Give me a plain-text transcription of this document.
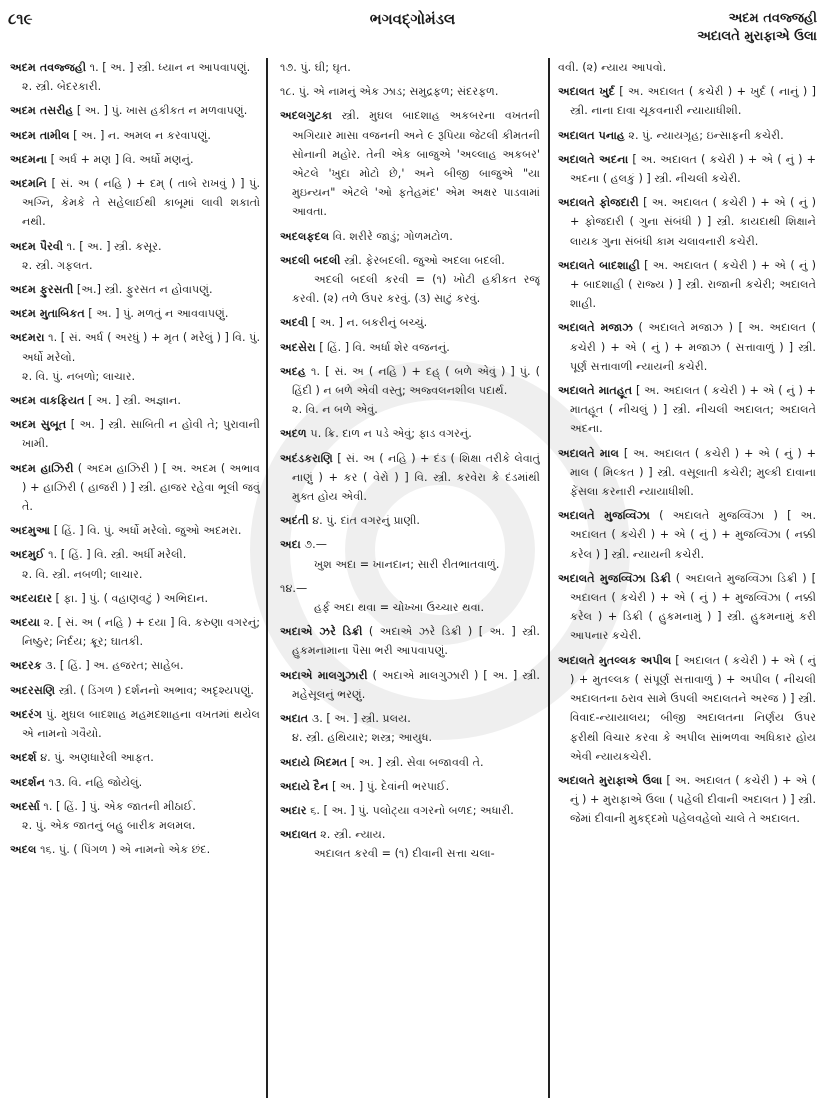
૮૧૯	ભગવદ્ગોમંડલ	અદમ તવજ્જહી
અદાલતે મુરાફાએ ઉલા
અદમ તવજ્જહી ૧. [ અ. ] સ્ત્રી. ધ્યાન ન આપવાપણું.
૨. સ્ત્રી. બેદરકારી.
અદમ તસરીહ [ અ. ] પું. ખાસ હકીકત ન મળવાપણું.
અદમ તામીલ [ અ. ] ન. અમલ ન કરવાપણું.
અદમના [ અર્ધ + મણ ] વિ. અર્ધો મણનું.
અદમનિ [ સં. અ ( નહિ ) + દમ્ ( તાબે રાખવું ) ] પું. અગ્નિ, કેમકે તે સહેલાઈથી કાબૂમાં લાવી શકાતો નથી.
અદમ પૈરવી ૧. [ અ. ] સ્ત્રી. કસૂર.
૨. સ્ત્રી. ગફલત.
અદમ ફુરસતી [અ.] સ્ત્રી. ફુરસત ન હોવાપણું.
અદમ મુતાબિકત [ અ. ] પું. મળતું ન આવવાપણું.
અદમરા ૧. [ સં. અર્ધ ( અરધું ) + મૃત ( મરેલું ) ] વિ. પું. અર્ધો મરેલો.
૨. વિ. પું. નબળો; લાચાર.
અદમ વાકફિયત [ અ. ] સ્ત્રી. અજ્ઞાન.
અદમ સુબૂત [ અ. ] સ્ત્રી. સાબિતી ન હોવી તે; પુરાવાની ખામી.
અદમ હાઝિરી ( અદમ હાઝિરી ) [ અ. અદમ ( અભાવ ) + હાઝિરી ( હાજરી ) ] સ્ત્રી. હાજર રહેવા ભૂલી જવું તે.
અદમુઆ [ હિં. ] વિ. પું. અર્ધો મરેલો. જુઓ અદમરા.
અદમુઈ ૧. [ હિં. ] વિ. સ્ત્રી. અર્ધી મરેલી.
૨. વિ. સ્ત્રી. નબળી; લાચાર.
અદયદાર [ ફા. ] પું. ( વહાણવટું ) અભિદાન.
અદયા ૨. [ સં. અ ( નહિ ) + દયા ] વિ. કરુણા વગરનું; નિષ્ઠુર; નિર્દય; ક્રૂર; ઘાતકી.
અદરક ૩. [ હિં. ] અ. હજરત; સાહેબ.
અદરસણિ સ્ત્રી. ( ડિંગળ ) દર્શનનો અભાવ; અદૃશ્યપણું.
અદરંગ પું. મુઘલ બાદશાહ મહમદશાહના વખતમાં થયેલ એ નામનો ગવૈયો.
અદર્શ ૪. પું. અણધારેલી આફત.
અદર્શન ૧૩. વિ. નહિ જોયેલું.
અદર્સા ૧. [ હિં. ] પું. એક જાતની મીઠાઈ.
૨. પું. એક જાતનું બહુ બારીક મલમલ.
અદલ ૧૬. પું. ( પિંગળ ) એ નામનો એક છંદ.
૧૭. પું. ઘી; ઘૃત.
૧૮. પું. એ નામનું એક ઝાડ; સમુદ્રફળ; સંદરફળ.
અદલગુટકા સ્ત્રી. મુઘલ બાદશાહ અકબરના વખતની અગિયાર માસા વજનની અને ૯ રૂપિયા જેટલી કીમતની સોનાની મહોર. તેની એક બાજુએ 'અલ્લાહ અકબર' એટલે 'ખુદા મોટો છે,' અને બીજી બાજુએ "યા મુઇન્યન" એટલે 'ઓ ફતેહમંદ' એમ અક્ષર પાડવામાં આવતા.
અદલફદલ વિ. શરીરે જાડું; ગોળમટોળ.
અદલી બદલી સ્ત્રી. ફેરબદલી. જુઓ અદલા બદલી.
અદલી બદલી કરવી = (૧) ખોટી હકીકત રજૂ કરવી. (૨) તળે ઉપર કરવું. (૩) સાટું કરવું.
અદવી [ અ. ] ન. બકરીનું બચ્ચું.
અદસેરા [ હિં. ] વિ. અર્ધા શેર વજનનું.
અદહ ૧. [ સં. અ ( નહિ ) + દહ્ ( બળે એવું ) ] પું. ( હિંદી ) ન બળે એવી વસ્તુ; અજ્વલનશીલ પદાર્થ.
૨. વિ. ન બળે એવું.
અદળ ૫. ક્રિ. દાળ ન પડે એવું; ફાડ વગરનું.
અદંડકરાણિ [ સં. અ ( નહિ ) + દંડ ( શિક્ષા તરીકે લેવાતું નાણું ) + કર ( વેરો ) ] વિ. સ્ત્રી. કરવેરા કે દંડમાંથી મુક્ત હોય એવી.
અદંતી ૪. પું. દાંત વગરનું પ્રાણી.
અદા ૭.—
ખુશ અદા = ખાનદાન; સારી રીતભાતવાળું.
૧૪.—
હર્ફ અદા થવા = ચોખ્ખા ઉચ્ચાર થવા.
અદાએ ઝરે ડિક્રી ( અદાએ ઝરે ડિક્રી ) [ અ. ] સ્ત્રી. હુકમનામાના પૈસા ભરી આપવાપણું.
અદાએ માલગુઝારી ( અદાએ માલગુઝારી ) [ અ. ] સ્ત્રી. મહેસૂલનું ભરણું.
અદાત ૩. [ અ. ] સ્ત્રી. પ્રલય.
૪. સ્ત્રી. હથિયાર; શસ્ત્ર; આયુધ.
અદાયે ખિદમત [ અ. ] સ્ત્રી. સેવા બજાવવી તે.
અદાયે દૈન [ અ. ] પું. દેવાંની ભરપાઈ.
અદાર ૬. [ અ. ] પું. પલોટ્યા વગરનો બળદ; અધારી.
અદાલત ૨. સ્ત્રી. ન્યાય.
અદાલત કરવી = (૧) દીવાની સત્તા ચલા-
વવી. (૨) ન્યાય આપવો.
અદાલત ખુર્દ [ અ. અદાલત ( કચેરી ) + ખુર્દ ( નાનું ) ] સ્ત્રી. નાના દાવા ચૂકવનારી ન્યાયાધીશી.
અદાલત પનાહ ૨. પું. ન્યાયગૃહ; ઇન્સાફની કચેરી.
અદાલતે અદના [ અ. અદાલત ( કચેરી ) + એ ( નું ) + અદના ( હલકું ) ] સ્ત્રી. નીચલી કચેરી.
અદાલતે ફોજદારી [ અ. અદાલત ( કચેરી ) + એ ( નું ) + ફોજદારી ( ગુના સંબંધી ) ] સ્ત્રી. કાયદાથી શિક્ષાને લાયક ગુના સંબંધી કામ ચલાવનારી કચેરી.
અદાલતે બાદશાહી [ અ. અદાલત ( કચેરી ) + એ ( નું ) + બાદશાહી ( રાજ્ય ) ] સ્ત્રી. રાજાની કચેરી; અદાલતે શાહી.
અદાલતે મજાઝ ( અદાલતે મજાઝ ) [ અ. અદાલત ( કચેરી ) + એ ( નું ) + મજાઝ ( સત્તાવાળું ) ] સ્ત્રી. પૂર્ણ સત્તાવાળી ન્યાયની કચેરી.
અદાલતે માતહૂત [ અ. અદાલત ( કચેરી ) + એ ( નું ) + માતહૂત ( નીચલું ) ] સ્ત્રી. નીચલી અદાલત; અદાલતે અદના.
અદાલતે માલ [ અ. અદાલત ( કચેરી ) + એ ( નું ) + માલ ( મિલ્કત ) ] સ્ત્રી. વસૂલાતી કચેરી; મુલ્કી દાવાના ફેંસલા કરનારી ન્યાયાધીશી.
અદાલતે મુજવ્વિઝા ( અદાલતે મુજવ્વિઝા ) [ અ. અદાલત ( કચેરી ) + એ ( નું ) + મુજવ્વિઝા ( નક્કી કરેલ ) ] સ્ત્રી. ન્યાયની કચેરી.
અદાલતે મુજવ્વિઝા ડિક્રી ( અદાલતે મુજવ્વિઝા ડિક્રી ) [ અદાલત ( કચેરી ) + એ ( નું ) + મુજવ્વિઝા ( નક્કી કરેલ ) + ડિક્રી ( હુકમનામું ) ] સ્ત્રી. હુકમનામું કરી આપનાર કચેરી.
અદાલતે મુતલ્લક અપીલ [ અદાલત ( કચેરી ) + એ ( નું ) + મુતલ્લક ( સંપૂર્ણ સત્તાવાળું ) + અપીલ ( નીચલી અદાલતના ઠરાવ સામે ઉપલી અદાલતને અરજ ) ] સ્ત્રી. વિવાદ-ન્યાયાલય; બીજી અદાલતના નિર્ણય ઉપર ફરીથી વિચાર કરવા કે અપીલ સાંભળવા અધિકાર હોય એવી ન્યાયકચેરી.
અદાલતે મુરાફાએ ઉલા [ અ. અદાલત ( કચેરી ) + એ ( નું ) + મુરાફાએ ઉલા ( પહેલી દીવાની અદાલત ) ] સ્ત્રી. જેમાં દીવાની મુકદ્દમો પહેલવહેલો ચાલે તે અદાલત.
